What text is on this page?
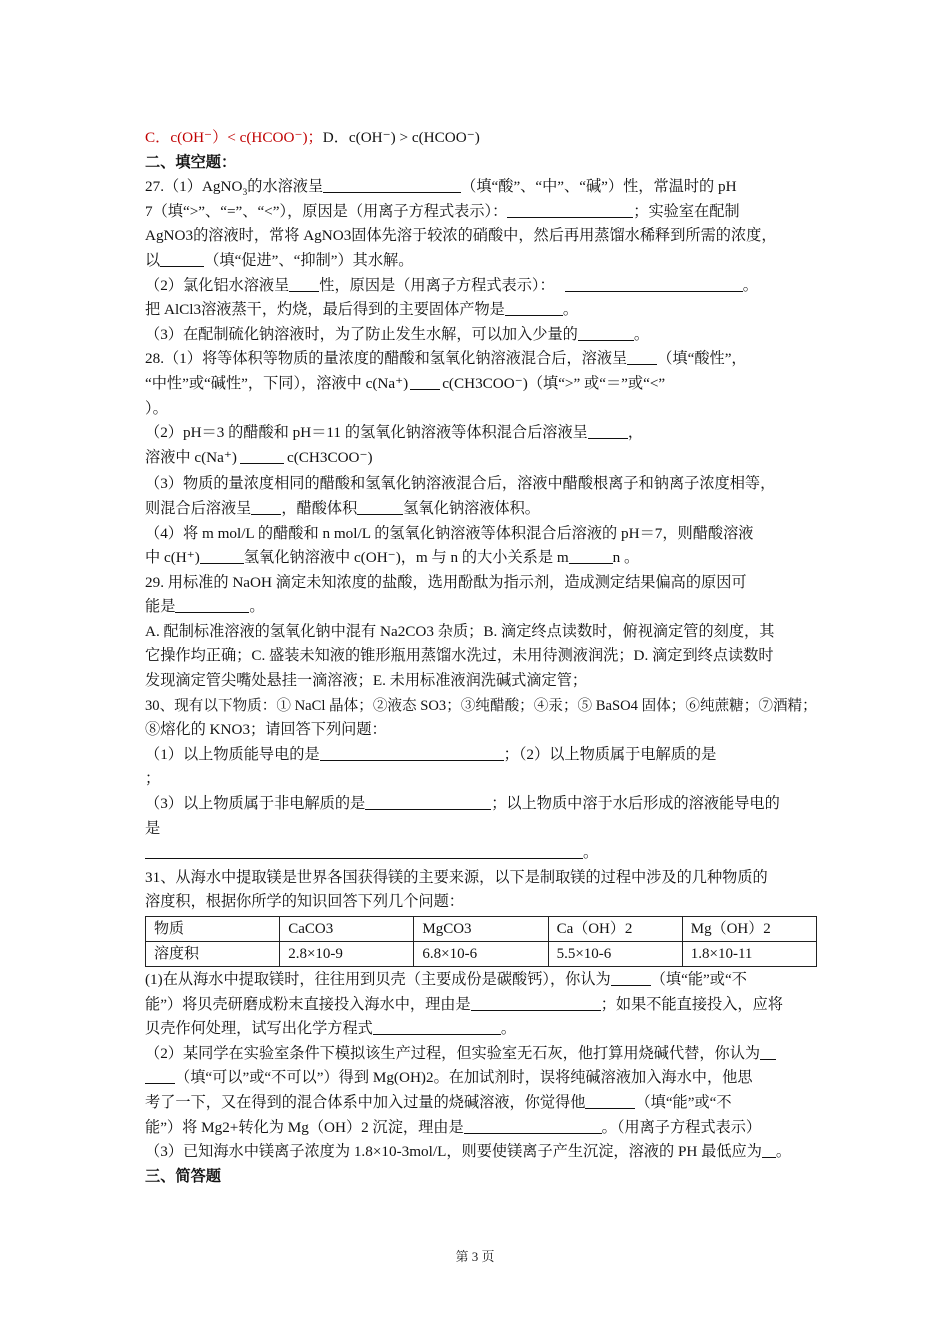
C．c(OH⁻）< c(HCOO⁻)；D．c(OH⁻) > c(HCOO⁻)
二、填空题：
27.（1）AgNO$_3$的水溶液呈	（填“酸”、“中”、“碱”）性，常温时的 pH
7（填“>”、“=”、“<”），原因是（用离子方程式表示）：	；实验室在配制
AgNO3的溶液时，常将 AgNO3固体先溶于较浓的硝酸中，然后再用蒸馏水稀释到所需的浓度，
以	（填“促进”、“抑制”）其水解。
（2）氯化铝水溶液呈 性，原因是（用离子方程式表示）：	。
把 AlCl3溶液蒸干，灼烧，最后得到的主要固体产物是	。
（3）在配制硫化钠溶液时，为了防止发生水解，可以加入少量的	。
28.（1）将等体积等物质的量浓度的醋酸和氢氧化钠溶液混合后，溶液呈 （填“酸性”，
“中性”或“碱性”，下同），溶液中 c(Na⁺) c(CH3COO⁻)（填“>” 或“＝”或“<”
）。
（2）pH＝3 的醋酸和 pH＝11 的氢氧化钠溶液等体积混合后溶液呈	，
溶液中 c(Na⁺)	c(CH3COO⁻)
（3）物质的量浓度相同的醋酸和氢氧化钠溶液混合后，溶液中醋酸根离子和钠离子浓度相等，
则混合后溶液呈 ，醋酸体积	氢氧化钠溶液体积。
（4）将 m mol/L 的醋酸和 n mol/L 的氢氧化钠溶液等体积混合后溶液的 pH＝7，则醋酸溶液
中 c(H⁺)	氢氧化钠溶液中 c(OH⁻)，m 与 n 的大小关系是 m	n 。
29. 用标准的 NaOH 滴定未知浓度的盐酸，选用酚酞为指示剂，造成测定结果偏高的原因可
能是	。
A. 配制标准溶液的氢氧化钠中混有 Na2CO3 杂质；B. 滴定终点读数时，俯视滴定管的刻度，其
它操作均正确；C. 盛装未知液的锥形瓶用蒸馏水洗过，未用待测液润洗；D. 滴定到终点读数时
发现滴定管尖嘴处悬挂一滴溶液；E. 未用标准液润洗碱式滴定管；
30、现有以下物质：① NaCl 晶体；②液态 SO3；③纯醋酸；④汞；⑤ BaSO4 固体；⑥纯蔗糖；⑦酒精；
⑧熔化的 KNO3；请回答下列问题：
（1）以上物质能导电的是	；（2）以上物质属于电解质的是
；
（3）以上物质属于非电解质的是	；以上物质中溶于水后形成的溶液能导电的
是
。
31、从海水中提取镁是世界各国获得镁的主要来源，以下是制取镁的过程中涉及的几种物质的
溶度积，根据你所学的知识回答下列几个问题：
物质	CaCO3	MgCO3	Ca（OH）2	Mg（OH）2
溶度积	2.8×10-9	6.8×10-6	5.5×10-6	1.8×10-11
(1)在从海水中提取镁时，往往用到贝壳（主要成份是碳酸钙），你认为	（填“能”或“不
能”）将贝壳研磨成粉末直接投入海水中，理由是	；如果不能直接投入，应将
贝壳作何处理，试写出化学方程式	。
（2）某同学在实验室条件下模拟该生产过程，但实验室无石灰，他打算用烧碱代替，你认为
（填“可以”或“不可以”）得到 Mg(OH)2。在加试剂时，误将纯碱溶液加入海水中，他思
考了一下，又在得到的混合体系中加入过量的烧碱溶液，你觉得他	（填“能”或“不
能”）将 Mg2+转化为 Mg（OH）2 沉淀，理由是	。（用离子方程式表示）
（3）已知海水中镁离子浓度为 1.8×10-3mol/L，则要使镁离子产生沉淀，溶液的 PH 最低应为 。
三、简答题
第 3 页
